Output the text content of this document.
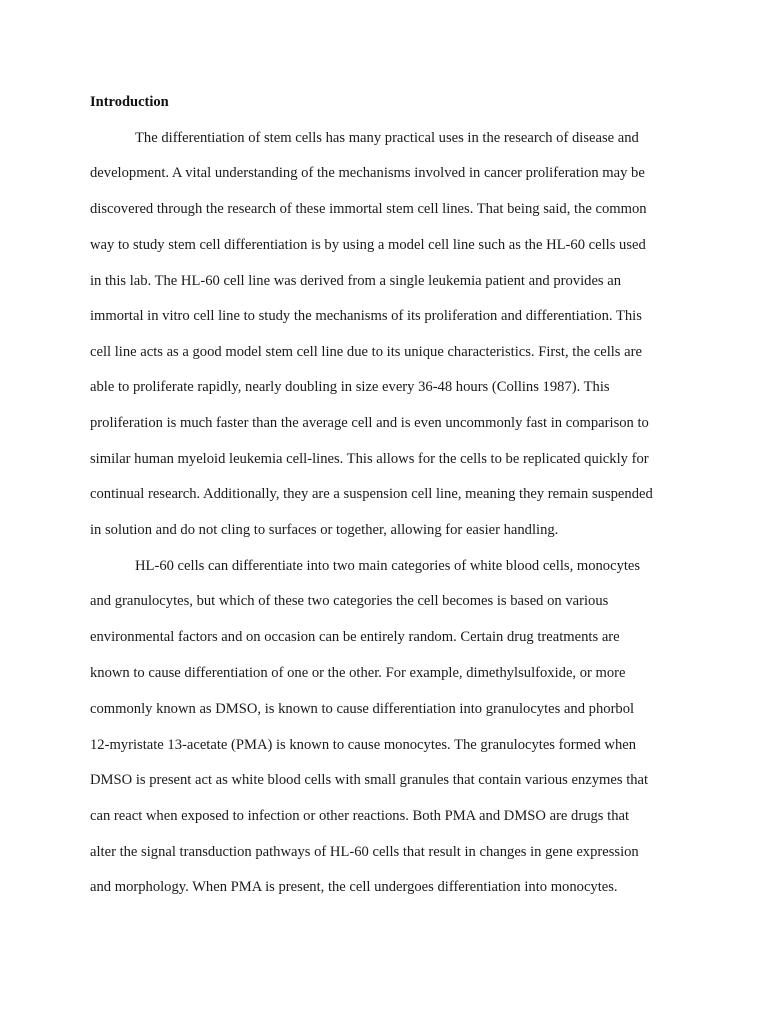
Introduction

The differentiation of stem cells has many practical uses in the research of disease and

development. A vital understanding of the mechanisms involved in cancer proliferation may be

discovered through the research of these immortal stem cell lines. That being said, the common

way to study stem cell differentiation is by using a model cell line such as the HL-60 cells used

in this lab. The HL-60 cell line was derived from a single leukemia patient and provides an

immortal in vitro cell line to study the mechanisms of its proliferation and differentiation. This

cell line acts as a good model stem cell line due to its unique characteristics. First, the cells are

able to proliferate rapidly, nearly doubling in size every 36-48 hours (Collins 1987). This

proliferation is much faster than the average cell and is even uncommonly fast in comparison to

similar human myeloid leukemia cell-lines. This allows for the cells to be replicated quickly for

continual research. Additionally, they are a suspension cell line, meaning they remain suspended

in solution and do not cling to surfaces or together, allowing for easier handling.

HL-60 cells can differentiate into two main categories of white blood cells, monocytes

and granulocytes, but which of these two categories the cell becomes is based on various

environmental factors and on occasion can be entirely random. Certain drug treatments are

known to cause differentiation of one or the other. For example, dimethylsulfoxide, or more

commonly known as DMSO, is known to cause differentiation into granulocytes and phorbol

12-myristate 13-acetate (PMA) is known to cause monocytes. The granulocytes formed when

DMSO is present act as white blood cells with small granules that contain various enzymes that

can react when exposed to infection or other reactions. Both PMA and DMSO are drugs that

alter the signal transduction pathways of HL-60 cells that result in changes in gene expression

and morphology. When PMA is present, the cell undergoes differentiation into monocytes.
